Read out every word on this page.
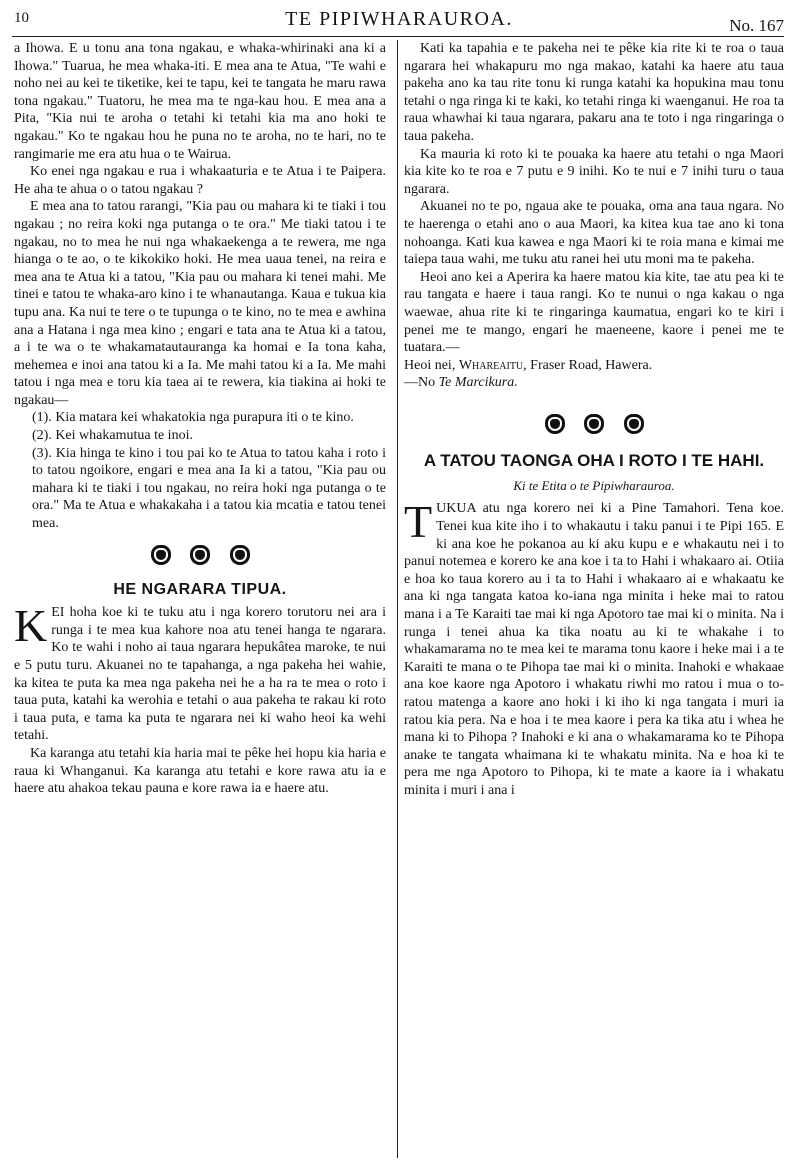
10	TE PIPIWHARAUROA.	No. 167

a Ihowa. E u tonu ana tona ngakau, e whaka-whirinaki ana ki a Ihowa." Tuarua, he mea whaka-iti. E mea ana te Atua, "Te wahi e noho nei au kei te tiketike, kei te tapu, kei te tangata he maru rawa tona ngakau." Tuatoru, he mea ma te nga-kau hou. E mea ana a Pita, "Kia nui te aroha o tetahi ki tetahi kia ma ano hoki te ngakau." Ko te ngakau hou he puna no te aroha, no te hari, no te rangimarie me era atu hua o te Wairua.

Ko enei nga ngakau e rua i whakaaturia e te Atua i te Paipera. He aha te ahua o o tatou ngakau ?

E mea ana to tatou rarangi, "Kia pau ou mahara ki te tiaki i tou ngakau ; no reira koki nga putanga o te ora." Me tiaki tatou i te ngakau, no to mea he nui nga whakaekenga a te rewera, me nga hianga o te ao, o te kikokiko hoki. He mea uaua tenei, na reira e mea ana te Atua ki a tatou, "Kia pau ou mahara ki tenei mahi. Me tinei e tatou te whaka-aro kino i te whanautanga. Kaua e tukua kia tupu ana. Ka nui te tere o te tupunga o te kino, no te mea e awhina ana a Hatana i nga mea kino ; engari e tata ana te Atua ki a tatou, a i te wa o te whakamatautauranga ka homai e Ia tona kaha, mehemea e inoi ana tatou ki a Ia. Me mahi tatou ki a Ia. Me mahi tatou i nga mea e toru kia taea ai te rewera, kia tiakina ai hoki te ngakau—

(1). Kia matara kei whakatokia nga purapura iti o te kino.

(2). Kei whakamutua te inoi.

(3). Kia hinga te kino i tou pai ko te Atua to tatou kaha i roto i to tatou ngoikore, engari e mea ana Ia ki a tatou, "Kia pau ou mahara ki te tiaki i tou ngakau, no reira hoki nga putanga o te ora." Ma te Atua e whakakaha i a tatou kia mcatia e tatou tenei mea.

HE NGARARA TIPUA.

KEI hoha koe ki te tuku atu i nga korero torutoru nei ara i runga i te mea kua kahore noa atu tenei hanga te ngarara. Ko te wahi i noho ai taua ngarara hepukâtea maroke, te nui e 5 putu turu. Akuanei no te tapahanga, a nga pakeha hei wahie, ka kitea te puta ka mea nga pakeha nei he a ha ra te mea o roto i taua puta, katahi ka werohia e tetahi o aua pakeha te rakau ki roto i taua puta, e tama ka puta te ngarara nei ki waho heoi ka wehi tetahi.

Ka karanga atu tetahi kia haria mai te pêke hei hopu kia haria e raua ki Whanganui. Ka karanga atu tetahi e kore rawa atu ia e haere atu ahakoa tekau pauna e kore rawa ia e haere atu.

Kati ka tapahia e te pakeha nei te pêke kia rite ki te roa o taua ngarara hei whakapuru mo nga makao, katahi ka haere atu taua pakeha ano ka tau rite tonu ki runga katahi ka hopukina mau tonu tetahi o nga ringa ki te kaki, ko tetahi ringa ki waenganui. He roa ta raua whawhai ki taua ngarara, pakaru ana te toto i nga ringaringa o taua pakeha.

Ka mauria ki roto ki te pouaka ka haere atu tetahi o nga Maori kia kite ko te roa e 7 putu e 9 inihi. Ko te nui e 7 inihi turu o taua ngarara.

Akuanei no te po, ngaua ake te pouaka, oma ana taua ngara. No te haerenga o etahi ano o aua Maori, ka kitea kua tae ano ki tona nohoanga. Kati kua kawea e nga Maori ki te roia mana e kimai me taiepa taua wahi, me tuku atu ranei hei utu moni ma te pakeha.

Heoi ano kei a Aperira ka haere matou kia kite, tae atu pea ki te rau tangata e haere i taua rangi. Ko te nunui o nga kakau o nga waewae, ahua rite ki te ringaringa kaumatua, engari ko te kiri i penei me te mango, engari he maeneene, kaore i penei me te tuatara.—

Heoi nei, Whareaitu, Fraser Road, Hawera.
—No Te Marcikura.

A TATOU TAONGA OHA I ROTO I TE HAHI.
Ki te Etita o te Pipiwharauroa.

TUKUA atu nga korero nei ki a Pine Tamahori. Tena koe. Tenei kua kite iho i to whakautu i taku panui i te Pipi 165. E ki ana koe he pokanoa au ki aku kupu e e whakautu nei i to panui notemea e korero ke ana koe i ta to Hahi i whakaaro ai. Otiia e hoa ko taua korero au i ta to Hahi i whakaaro ai e whakaatu ke ana ki nga tangata katoa ko-iana nga minita i heke mai to ratou mana i a Te Karaiti tae mai ki nga Apotoro tae mai ki o minita. Na i runga i tenei ahua ka tika noatu au ki te whakahe i to whakamarama no te mea kei te marama tonu kaore i heke mai i a te Karaiti te mana o te Pihopa tae mai ki o minita. Inahoki e whakaae ana koe kaore nga Apotoro i whakatu riwhi mo ratou i mua o to-ratou matenga a kaore ano hoki i ki iho ki nga tangata i muri ia ratou kia pera. Na e hoa i te mea kaore i pera ka tika atu i whea he mana ki to Pihopa ? Inahoki e ki ana o whakamarama ko te Pihopa anake te tangata whaimana ki te whakatu minita. Na e hoa ki te pera me nga Apotoro to Pihopa, ki te mate a kaore ia i whakatu minita i muri i ana i
